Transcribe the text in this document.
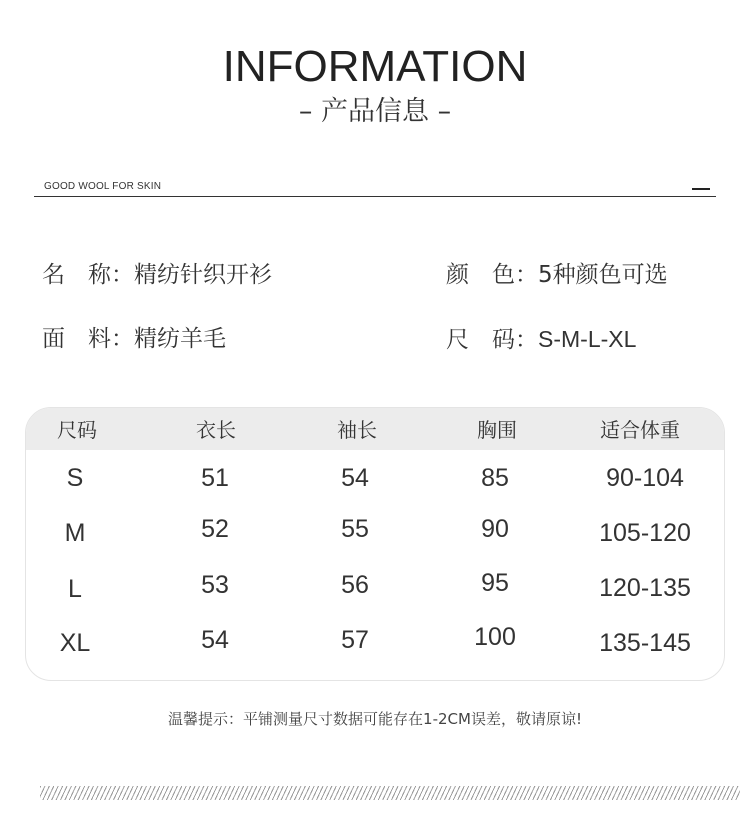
INFORMATION
– 产品信息 –
GOOD WOOL FOR SKIN
名　称：精纺针织开衫	颜　色：5种颜色可选
面　料：精纺羊毛	尺　码：S-M-L-XL
尺码	衣长	袖长	胸围	适合体重
S	51	54	85	90-104
M	52	55	90	105-120
L	53	56	95	120-135
XL	54	57	100	135-145
温馨提示：平铺测量尺寸数据可能存在1-2CM误差，敬请原谅!
